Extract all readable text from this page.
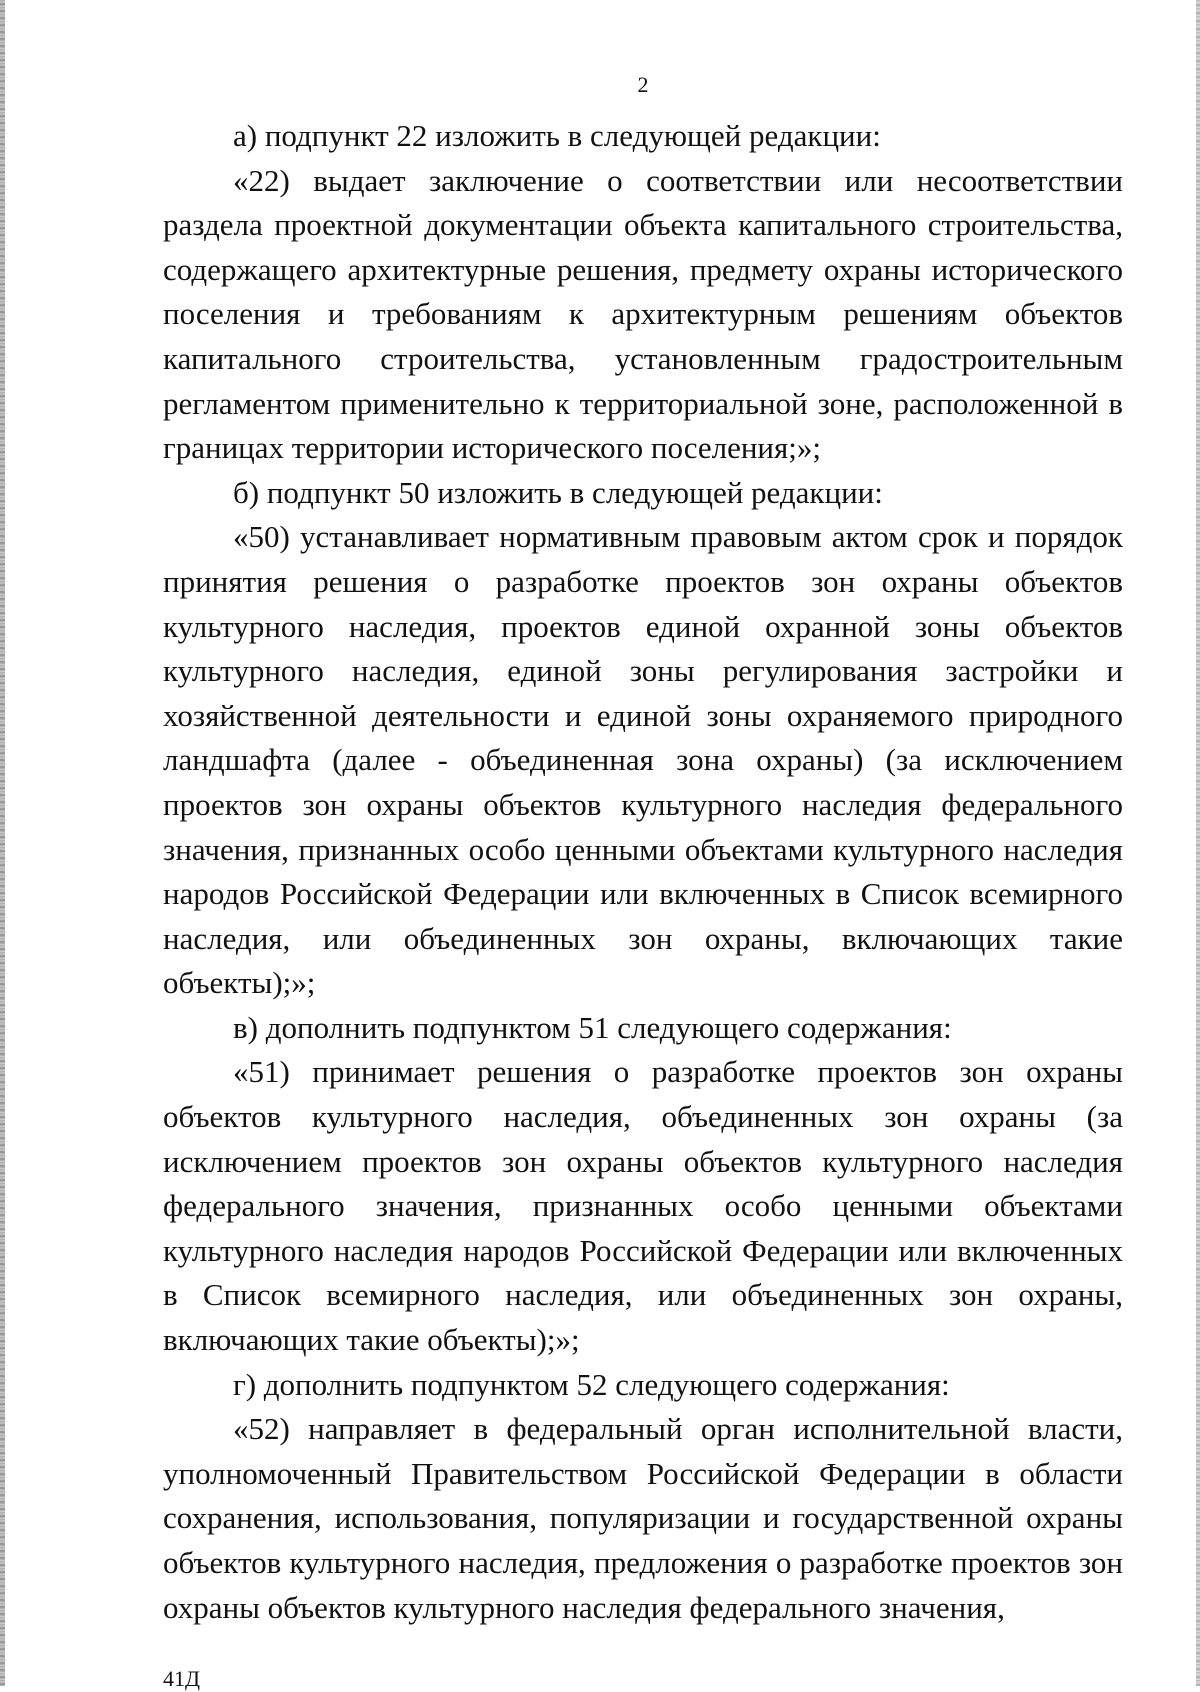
2

а) подпункт 22 изложить в следующей редакции:

«22) выдает заключение о соответствии или несоответствии раздела проектной документации объекта капитального строительства, содержащего архитектурные решения, предмету охраны исторического поселения и требованиям к архитектурным решениям объектов капитального строительства, установленным градостроительным регламентом применительно к территориальной зоне, расположенной в границах территории исторического поселения;»;

б) подпункт 50 изложить в следующей редакции:

«50) устанавливает нормативным правовым актом срок и порядок принятия решения о разработке проектов зон охраны объектов культурного наследия, проектов единой охранной зоны объектов культурного наследия, единой зоны регулирования застройки и хозяйственной деятельности и единой зоны охраняемого природного ландшафта (далее - объединенная зона охраны) (за исключением проектов зон охраны объектов культурного наследия федерального значения, признанных особо ценными объектами культурного наследия народов Российской Федерации или включенных в Список всемирного наследия, или объединенных зон охраны, включающих такие объекты);»;

в) дополнить подпунктом 51 следующего содержания:

«51) принимает решения о разработке проектов зон охраны объектов культурного наследия, объединенных зон охраны (за исключением проектов зон охраны объектов культурного наследия федерального значения, признанных особо ценными объектами культурного наследия народов Российской Федерации или включенных в Список всемирного наследия, или объединенных зон охраны, включающих такие объекты);»;

г) дополнить подпунктом 52 следующего содержания:

«52) направляет в федеральный орган исполнительной власти, уполномоченный Правительством Российской Федерации в области сохранения, использования, популяризации и государственной охраны объектов культурного наследия, предложения о разработке проектов зон охраны объектов культурного наследия федерального значения,

41Д
